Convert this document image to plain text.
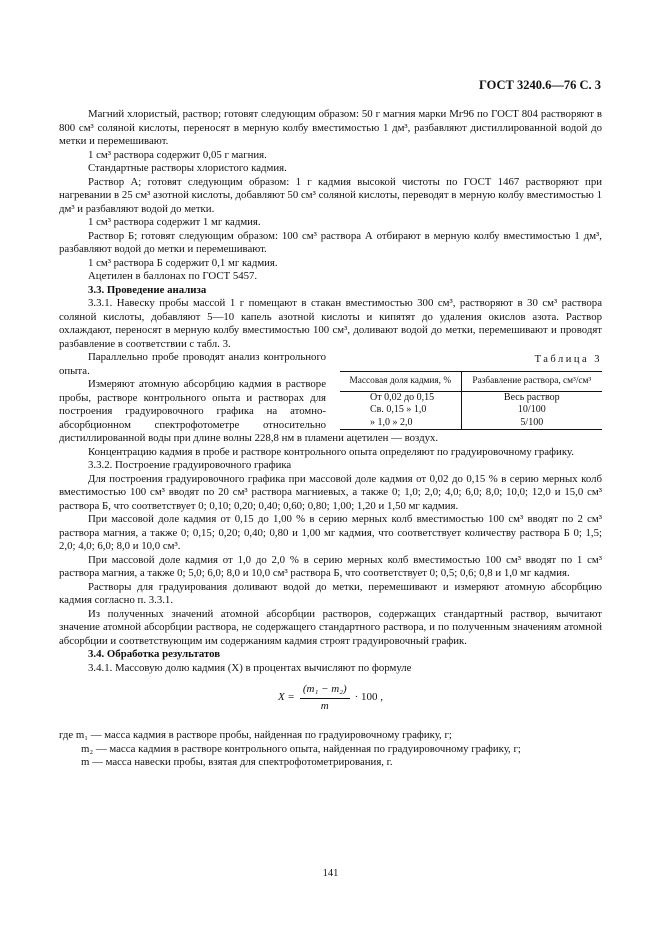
ГОСТ 3240.6—76 С. 3

Магний хлористый, раствор; готовят следующим образом: 50 г магния марки Мг96 по ГОСТ 804 растворяют в 800 см³ соляной кислоты, переносят в мерную колбу вместимостью 1 дм³, разбавляют дистиллированной водой до метки и перемешивают.

1 см³ раствора содержит 0,05 г магния.

Стандартные растворы хлористого кадмия.

Раствор А; готовят следующим образом: 1 г кадмия высокой чистоты по ГОСТ 1467 растворяют при нагревании в 25 см³ азотной кислоты, добавляют 50 см³ соляной кислоты, переводят в мерную колбу вместимостью 1 дм³ и разбавляют водой до метки.

1 см³ раствора содержит 1 мг кадмия.

Раствор Б; готовят следующим образом: 100 см³ раствора А отбирают в мерную колбу вместимостью 1 дм³, разбавляют водой до метки и перемешивают.

1 см³ раствора Б содержит 0,1 мг кадмия.

Ацетилен в баллонах по ГОСТ 5457.

3.3. Проведение анализа

3.3.1. Навеску пробы массой 1 г помещают в стакан вместимостью 300 см³, растворяют в 30 см³ раствора соляной кислоты, добавляют 5—10 капель азотной кислоты и кипятят до удаления окислов азота. Раствор охлаждают, переносят в мерную колбу вместимостью 100 см³, доливают водой до метки, перемешивают и проводят разбавление в соответствии с табл. 3.

Таблица 3
Массовая доля кадмия, %	Разбавление раствора, см³/см³
От 0,02 до 0,15	Весь раствор
Св. 0,15 » 1,0	10/100
» 1,0 » 2,0	5/100

Параллельно пробе проводят анализ контрольного опыта.

Измеряют атомную абсорбцию кадмия в растворе пробы, растворе контрольного опыта и растворах для построения градуировочного графика на атомно-абсорбционном спектрофотометре относительно дистиллированной воды при длине волны 228,8 нм в пламени ацетилен — воздух.

Концентрацию кадмия в пробе и растворе контрольного опыта определяют по градуировочному графику.

3.3.2. Построение градуировочного графика

Для построения градуировочного графика при массовой доле кадмия от 0,02 до 0,15 % в серию мерных колб вместимостью 100 см³ вводят по 20 см³ раствора магниевых, а также 0; 1,0; 2,0; 4,0; 6,0; 8,0; 10,0; 12,0 и 15,0 см³ раствора Б, что соответствует 0; 0,10; 0,20; 0,40; 0,60; 0,80; 1,00; 1,20 и 1,50 мг кадмия.

При массовой доле кадмия от 0,15 до 1,00 % в серию мерных колб вместимостью 100 см³ вводят по 2 см³ раствора магния, а также 0; 0,15; 0,20; 0,40; 0,80 и 1,00 мг кадмия, что соответствует количеству раствора Б 0; 1,5; 2,0; 4,0; 6,0; 8,0 и 10,0 см³.

При массовой доле кадмия от 1,0 до 2,0 % в серию мерных колб вместимостью 100 см³ вводят по 1 см³ раствора магния, а также 0; 5,0; 6,0; 8,0 и 10,0 см³ раствора Б, что соответствует 0; 0,5; 0,6; 0,8 и 1,0 мг кадмия.

Растворы для градуирования доливают водой до метки, перемешивают и измеряют атомную абсорбцию кадмия согласно п. 3.3.1.

Из полученных значений атомной абсорбции растворов, содержащих стандартный раствор, вычитают значение атомной абсорбции раствора, не содержащего стандартного раствора, и по полученным значениям атомной абсорбции и соответствующим им содержаниям кадмия строят градуировочный график.

3.4. Обработка результатов

3.4.1. Массовую долю кадмия (X) в процентах вычисляют по формуле

$X = \frac{\text{(m₁ − m₂)}}{m} \cdot 100$ ,

где m₁ — масса кадмия в растворе пробы, найденная по градуировочному графику, г;

m₂ — масса кадмия в растворе контрольного опыта, найденная по градуировочному графику, г;

m — масса навески пробы, взятая для спектрофотометрирования, г.

141
